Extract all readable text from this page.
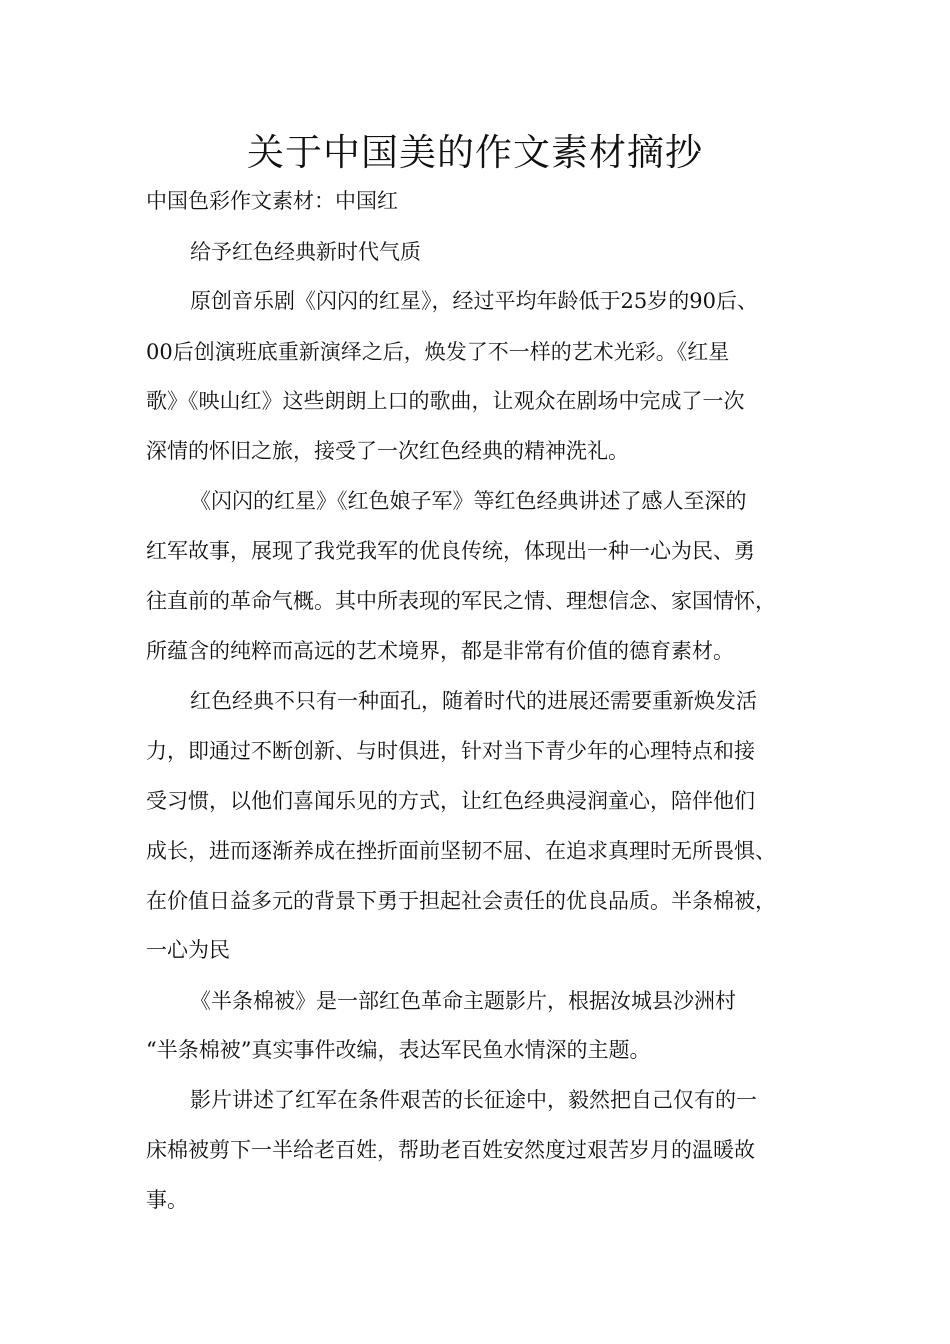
关于中国美的作文素材摘抄

中国色彩作文素材：中国红

给予红色经典新时代气质

原创音乐剧《闪闪的红星》，经过平均年龄低于25岁的90后、

00后创演班底重新演绎之后，焕发了不一样的艺术光彩。《红星

歌》《映山红》这些朗朗上口的歌曲，让观众在剧场中完成了一次

深情的怀旧之旅，接受了一次红色经典的精神洗礼。

《闪闪的红星》《红色娘子军》等红色经典讲述了感人至深的

红军故事，展现了我党我军的优良传统，体现出一种一心为民、勇

往直前的革命气概。其中所表现的军民之情、理想信念、家国情怀，

所蕴含的纯粹而高远的艺术境界，都是非常有价值的德育素材。

红色经典不只有一种面孔，随着时代的进展还需要重新焕发活

力，即通过不断创新、与时俱进，针对当下青少年的心理特点和接

受习惯，以他们喜闻乐见的方式，让红色经典浸润童心，陪伴他们

成长，进而逐渐养成在挫折面前坚韧不屈、在追求真理时无所畏惧、

在价值日益多元的背景下勇于担起社会责任的优良品质。半条棉被，

一心为民

《半条棉被》是一部红色革命主题影片，根据汝城县沙洲村

“半条棉被”真实事件改编，表达军民鱼水情深的主题。

影片讲述了红军在条件艰苦的长征途中，毅然把自己仅有的一

床棉被剪下一半给老百姓，帮助老百姓安然度过艰苦岁月的温暖故

事。
